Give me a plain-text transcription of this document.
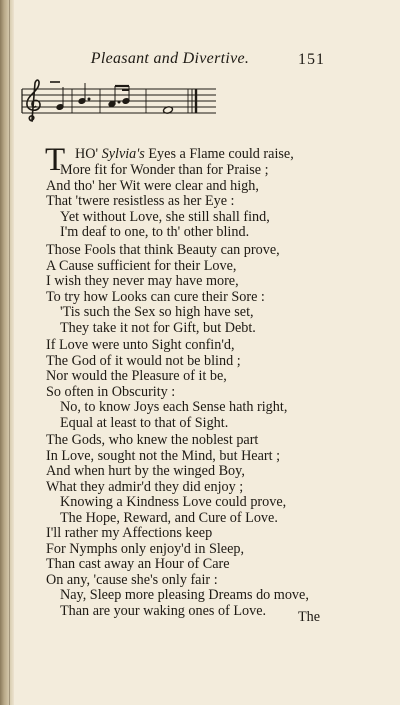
Pleasant and Divertive.	151
T HO' Sylvia's Eyes a Flame could raise,
More fit for Wonder than for Praise ;
And tho' her Wit were clear and high,
That 'twere resistless as her Eye :
Yet without Love, she still shall find,
I'm deaf to one, to th' other blind.
Those Fools that think Beauty can prove,
A Cause sufficient for their Love,
I wish they never may have more,
To try how Looks can cure their Sore :
'Tis such the Sex so high have set,
They take it not for Gift, but Debt.
If Love were unto Sight confin'd,
The God of it would not be blind ;
Nor would the Pleasure of it be,
So often in Obscurity :
No, to know Joys each Sense hath right,
Equal at least to that of Sight.
The Gods, who knew the noblest part
In Love, sought not the Mind, but Heart ;
And when hurt by the winged Boy,
What they admir'd they did enjoy ;
Knowing a Kindness Love could prove,
The Hope, Reward, and Cure of Love.
I'll rather my Affections keep
For Nymphs only enjoy'd in Sleep,
Than cast away an Hour of Care
On any, 'cause she's only fair :
Nay, Sleep more pleasing Dreams do move,
Than are your waking ones of Love.	The
